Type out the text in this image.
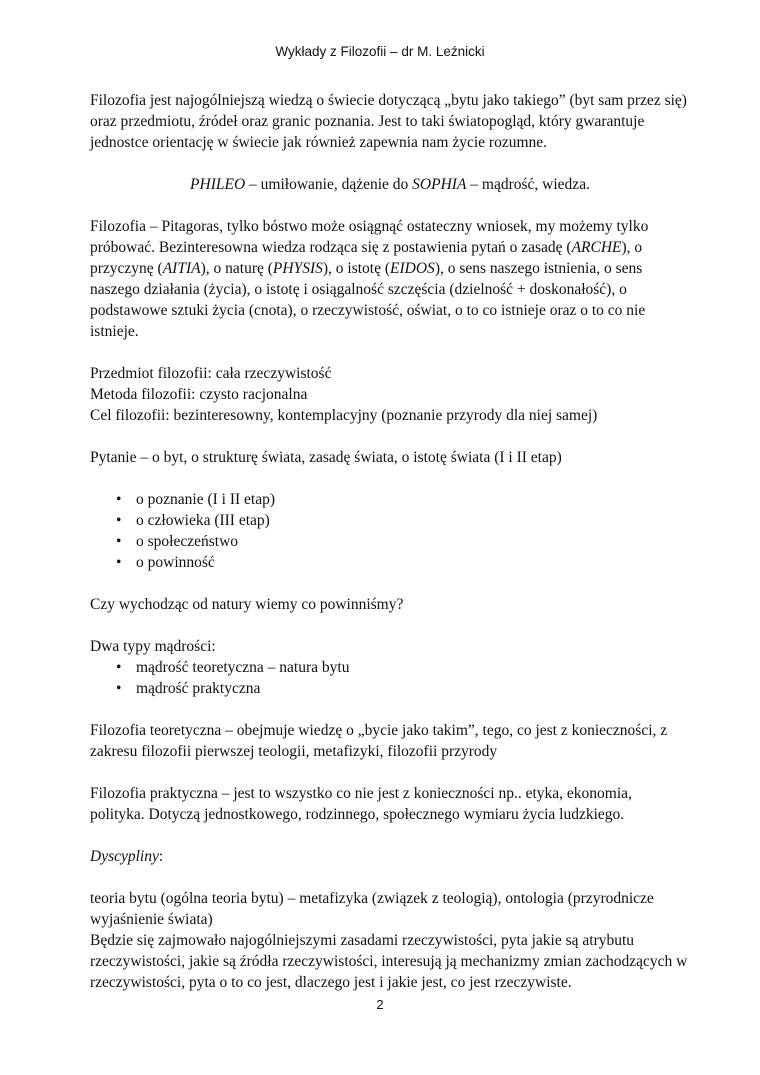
Wykłady z Filozofii – dr M. Leźnicki

Filozofia jest najogólniejszą wiedzą o świecie dotyczącą „bytu jako takiego” (byt sam przez się) oraz przedmiotu, źródeł oraz granic poznania. Jest to taki światopogląd, który gwarantuje jednostce orientację w świecie jak również zapewnia nam życie rozumne.

PHILEO – umiłowanie, dążenie do SOPHIA – mądrość, wiedza.

Filozofia – Pitagoras, tylko bóstwo może osiągnąć ostateczny wniosek, my możemy tylko próbować. Bezinteresowna wiedza rodząca się z postawienia pytań o zasadę (ARCHE), o przyczynę (AITIA), o naturę (PHYSIS), o istotę (EIDOS), o sens naszego istnienia, o sens naszego działania (życia), o istotę i osiągalność szczęścia (dzielność + doskonałość), o podstawowe sztuki życia (cnota), o rzeczywistość, oświat, o to co istnieje oraz o to co nie istnieje.

Przedmiot filozofii: cała rzeczywistość

Metoda filozofii: czysto racjonalna

Cel filozofii: bezinteresowny, kontemplacyjny (poznanie przyrody dla niej samej)

Pytanie – o byt, o strukturę świata, zasadę świata, o istotę świata (I i II etap)

• o poznanie (I i II etap)
• o człowieka (III etap)
• o społeczeństwo
• o powinność

Czy wychodząc od natury wiemy co powinniśmy?

Dwa typy mądrości:

• mądrość teoretyczna – natura bytu
• mądrość praktyczna

Filozofia teoretyczna – obejmuje wiedzę o „bycie jako takim”, tego, co jest z konieczności, z zakresu filozofii pierwszej teologii, metafizyki, filozofii przyrody

Filozofia praktyczna – jest to wszystko co nie jest z konieczności np.. etyka, ekonomia, polityka. Dotyczą jednostkowego, rodzinnego, społecznego wymiaru życia ludzkiego.

Dyscypliny:

teoria bytu (ogólna teoria bytu) – metafizyka (związek z teologią), ontologia (przyrodnicze wyjaśnienie świata)

Będzie się zajmowało najogólniejszymi zasadami rzeczywistości, pyta jakie są atrybutu rzeczywistości, jakie są źródła rzeczywistości, interesują ją mechanizmy zmian zachodzących w rzeczywistości, pyta o to co jest, dlaczego jest i jakie jest, co jest rzeczywiste.

2
